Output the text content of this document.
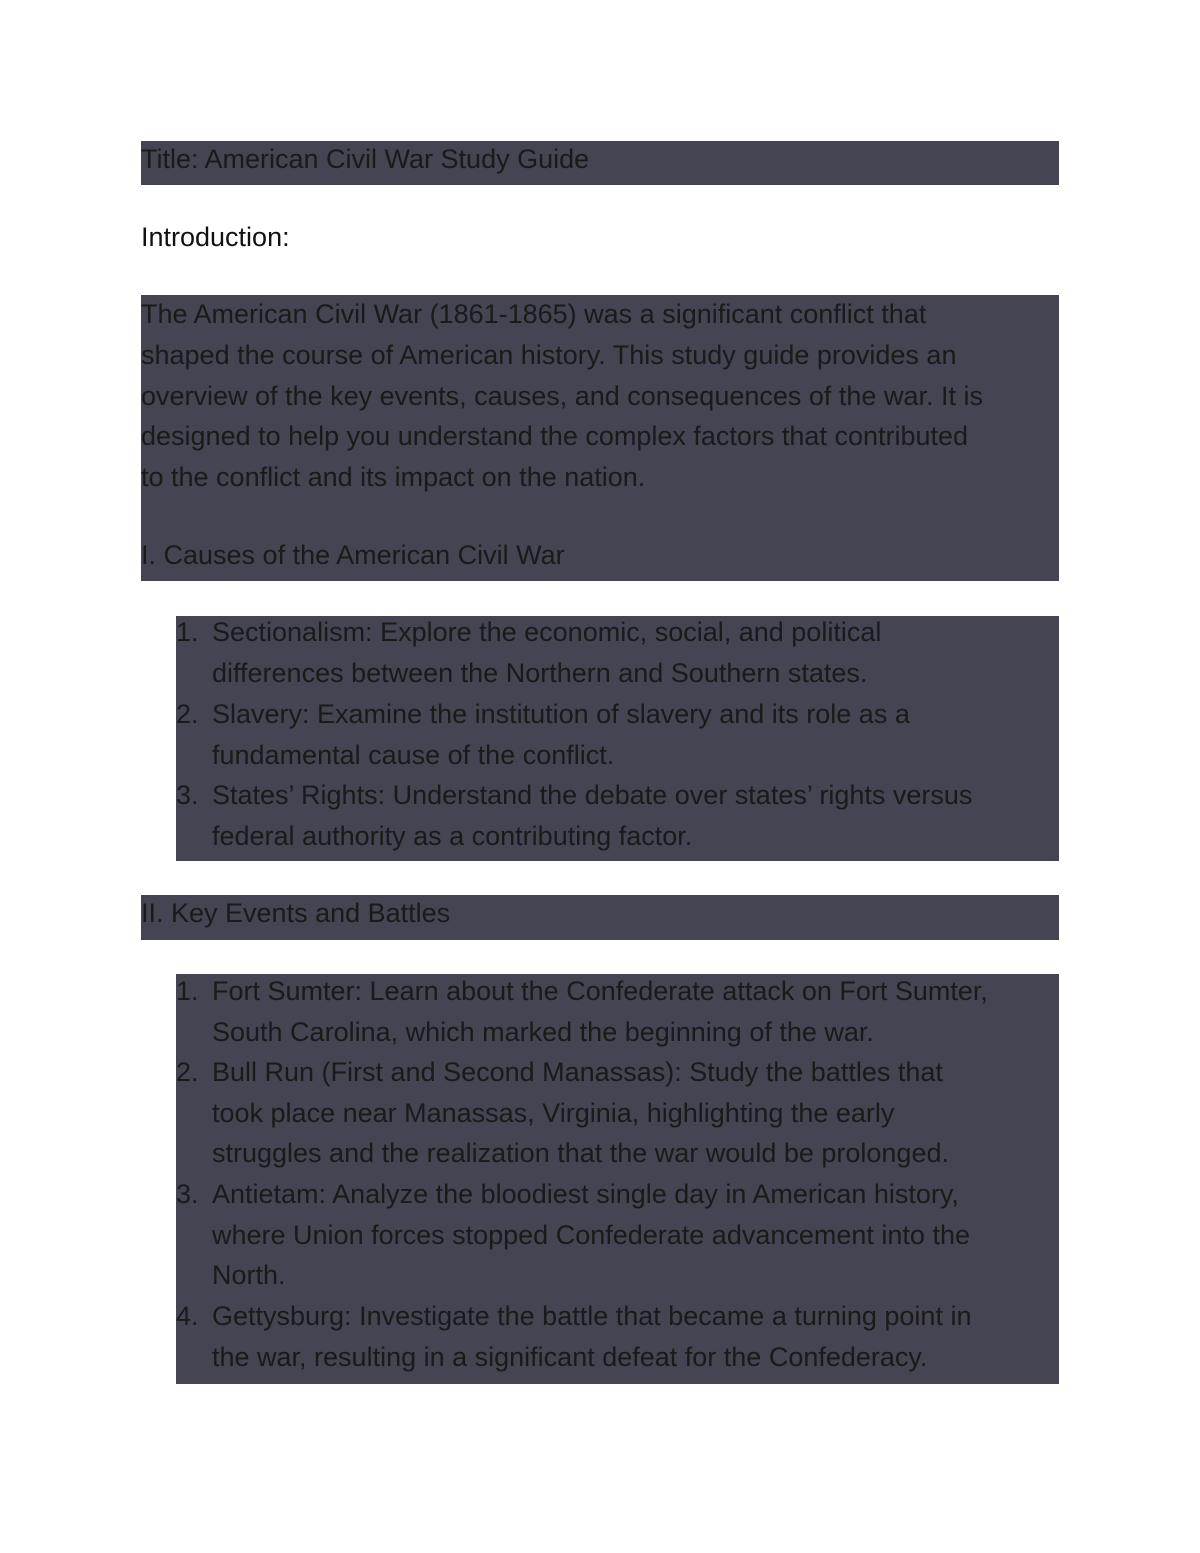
Title: American Civil War Study Guide
Introduction:
The American Civil War (1861-1865) was a significant conflict that
shaped the course of American history. This study guide provides an
overview of the key events, causes, and consequences of the war. It is
designed to help you understand the complex factors that contributed
to the conflict and its impact on the nation.
I. Causes of the American Civil War
1. Sectionalism: Explore the economic, social, and political
differences between the Northern and Southern states.
2. Slavery: Examine the institution of slavery and its role as a
fundamental cause of the conflict.
3. States’ Rights: Understand the debate over states’ rights versus
federal authority as a contributing factor.
II. Key Events and Battles
1. Fort Sumter: Learn about the Confederate attack on Fort Sumter,
South Carolina, which marked the beginning of the war.
2. Bull Run (First and Second Manassas): Study the battles that
took place near Manassas, Virginia, highlighting the early
struggles and the realization that the war would be prolonged.
3. Antietam: Analyze the bloodiest single day in American history,
where Union forces stopped Confederate advancement into the
North.
4. Gettysburg: Investigate the battle that became a turning point in
the war, resulting in a significant defeat for the Confederacy.
